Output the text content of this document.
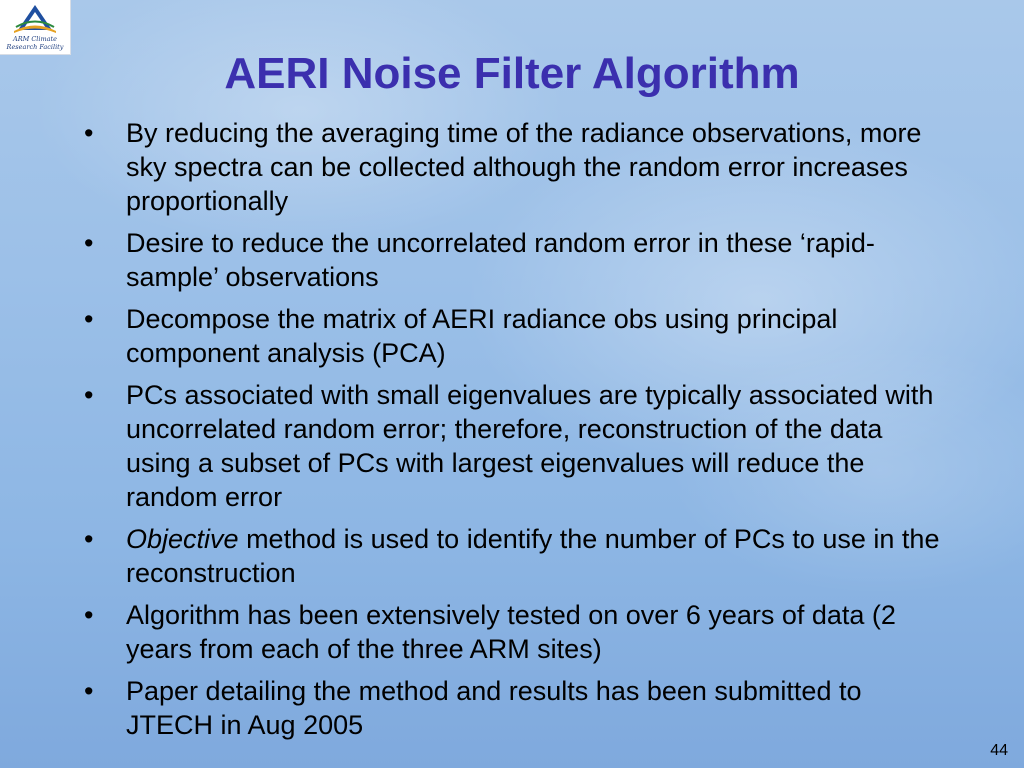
ARM Climate
Research Facility
AERI Noise Filter Algorithm
• By reducing the averaging time of the radiance observations, more sky spectra can be collected although the random error increases proportionally
• Desire to reduce the uncorrelated random error in these ‘rapid-sample’ observations
• Decompose the matrix of AERI radiance obs using principal component analysis (PCA)
• PCs associated with small eigenvalues are typically associated with uncorrelated random error; therefore, reconstruction of the data using a subset of PCs with largest eigenvalues will reduce the random error
• Objective method is used to identify the number of PCs to use in the reconstruction
• Algorithm has been extensively tested on over 6 years of data (2 years from each of the three ARM sites)
• Paper detailing the method and results has been submitted to JTECH in Aug 2005
44
